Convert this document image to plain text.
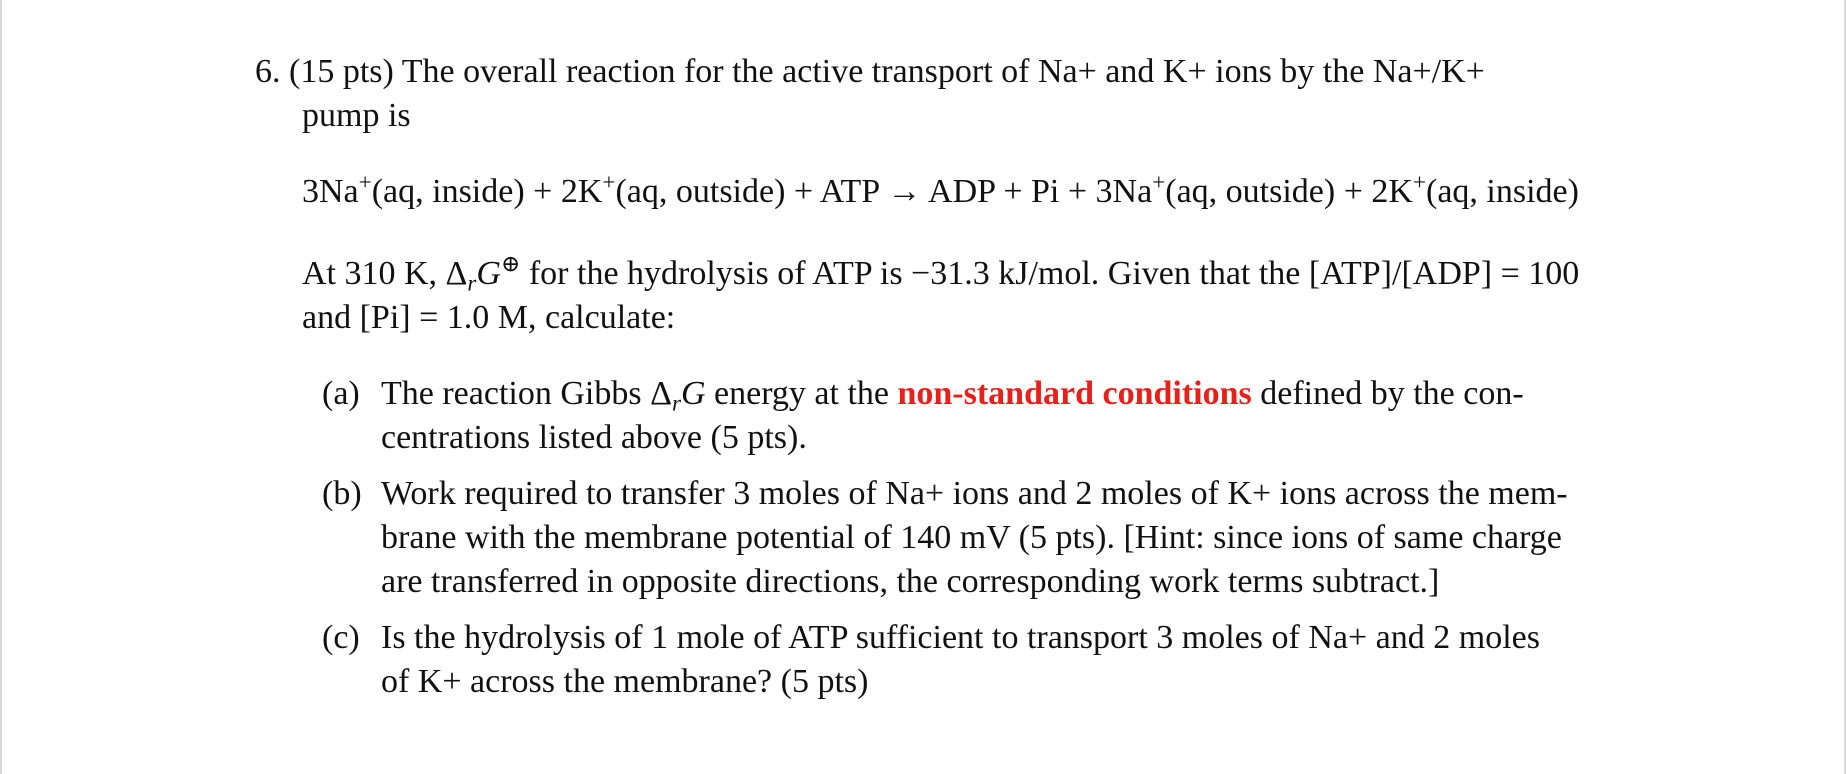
6. (15 pts) The overall reaction for the active transport of Na+ and K+ ions by the Na+/K+
pump is
3Na+(aq, inside) + 2K+(aq, outside) + ATP → ADP + Pi + 3Na+(aq, outside) + 2K+(aq, inside)
At 310 K, $\Delta_rG^\oplus$ for the hydrolysis of ATP is −31.3 kJ/mol. Given that the [ATP]/[ADP] = 100
and [Pi] = 1.0 M, calculate:
(a) The reaction Gibbs $\Delta_rG$ energy at the non-standard conditions defined by the con-
centrations listed above (5 pts).
(b) Work required to transfer 3 moles of Na+ ions and 2 moles of K+ ions across the mem-
brane with the membrane potential of 140 mV (5 pts). [Hint: since ions of same charge
are transferred in opposite directions, the corresponding work terms subtract.]
(c) Is the hydrolysis of 1 mole of ATP sufficient to transport 3 moles of Na+ and 2 moles
of K+ across the membrane? (5 pts)
